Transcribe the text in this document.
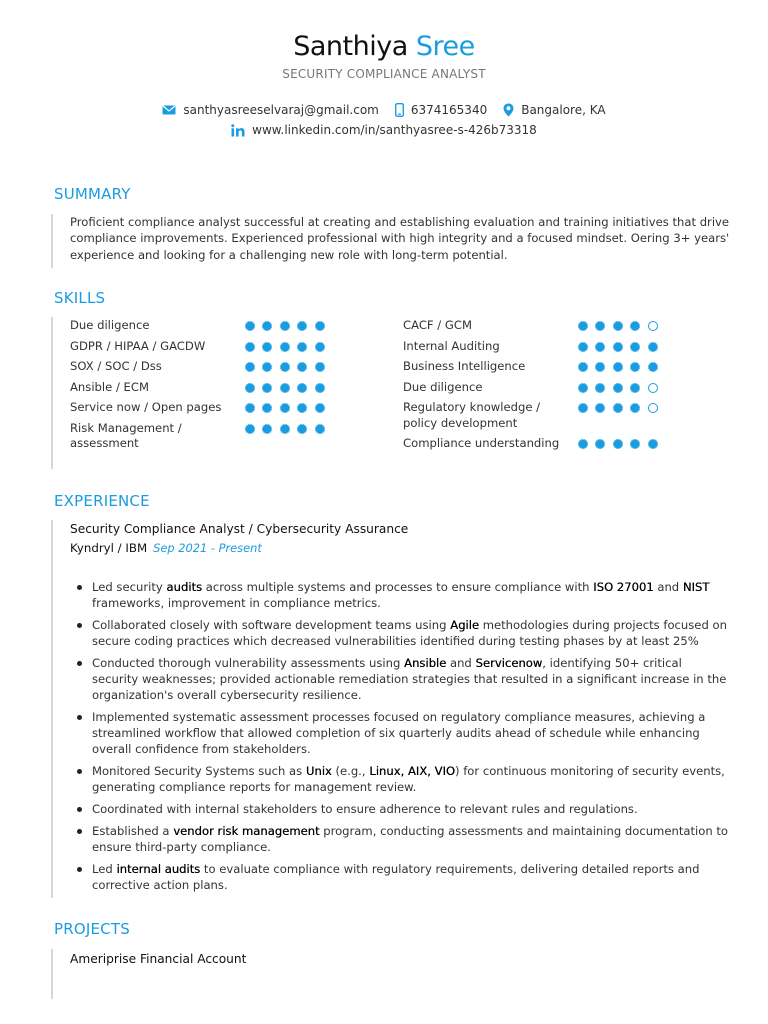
Santhiya Sree
SECURITY COMPLIANCE ANALYST
santhyasreeselvaraj@gmail.com	6374165340	Bangalore, KA
www.linkedin.com/in/santhyasree-s-426b73318
SUMMARY
Proficient compliance analyst successful at creating and establishing evaluation and training initiatives that drive compliance improvements. Experienced professional with high integrity and a focused mindset. Oering 3+ years' experience and looking for a challenging new role with long-term potential.
SKILLS
Due diligence
GDPR / HIPAA / GACDW
SOX / SOC / Dss
Ansible / ECM
Service now / Open pages
Risk Management / assessment
CACF / GCM
Internal Auditing
Business Intelligence
Due diligence
Regulatory knowledge / policy development
Compliance understanding
EXPERIENCE
Security Compliance Analyst / Cybersecurity Assurance
Kyndryl / IBM Sep 2021 - Present
Led security audits across multiple systems and processes to ensure compliance with ISO 27001 and NIST frameworks, improvement in compliance metrics.
Collaborated closely with software development teams using Agile methodologies during projects focused on secure coding practices which decreased vulnerabilities identified during testing phases by at least 25%
Conducted thorough vulnerability assessments using Ansible and Servicenow, identifying 50+ critical security weaknesses; provided actionable remediation strategies that resulted in a significant increase in the organization's overall cybersecurity resilience.
Implemented systematic assessment processes focused on regulatory compliance measures, achieving a streamlined workflow that allowed completion of six quarterly audits ahead of schedule while enhancing overall confidence from stakeholders.
Monitored Security Systems such as Unix (e.g., Linux, AIX, VIO) for continuous monitoring of security events, generating compliance reports for management review.
Coordinated with internal stakeholders to ensure adherence to relevant rules and regulations.
Established a vendor risk management program, conducting assessments and maintaining documentation to ensure third-party compliance.
Led internal audits to evaluate compliance with regulatory requirements, delivering detailed reports and corrective action plans.
PROJECTS
Ameriprise Financial Account
